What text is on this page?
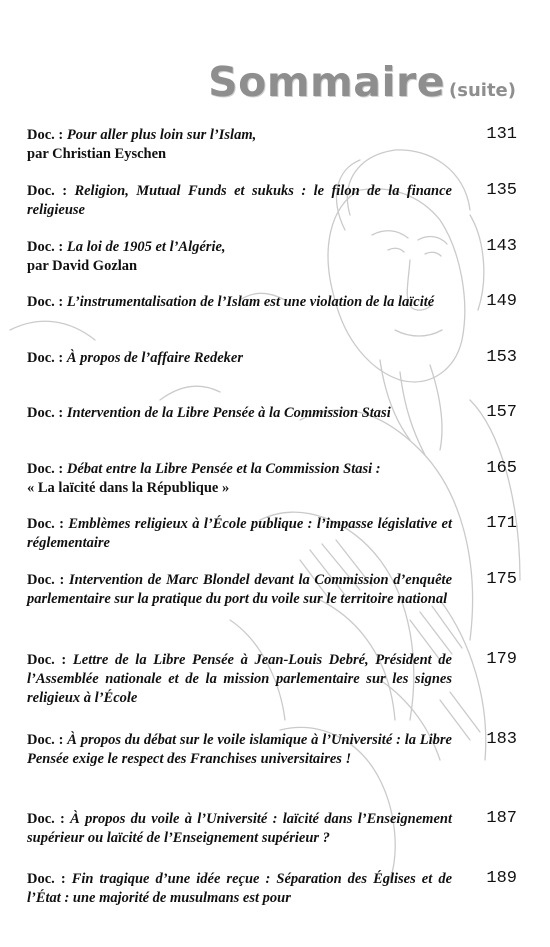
Sommaire (suite)
Doc. : Pour aller plus loin sur l’Islam,
par Christian Eyschen
131
Doc. : Religion, Mutual Funds et sukuks : le filon de la finance religieuse
135
Doc. : La loi de 1905 et l’Algérie,
par David Gozlan
143
Doc. : L’instrumentalisation de l’Islam est une violation de la laïcité	149
Doc. : À propos de l’affaire Redeker	153
Doc. : Intervention de la Libre Pensée à la Commission Stasi	157
Doc. : Débat entre la Libre Pensée et la Commission Stasi :
« La laïcité dans la République »
165
Doc. : Emblèmes religieux à l’École publique : l’impasse législative et réglementaire
171
Doc. : Intervention de Marc Blondel devant la Commission d’enquête parlementaire sur la pratique du port du voile sur le territoire national
175
Doc. : Lettre de la Libre Pensée à Jean-Louis Debré, Président de l’Assemblée nationale et de la mission parlementaire sur les signes religieux à l’École
179
Doc. : À propos du débat sur le voile islamique à l’Université : la Libre Pensée exige le respect des Franchises universitaires !
183
Doc. : À propos du voile à l’Université : laïcité dans l’Enseignement supérieur ou laïcité de l’Enseignement supérieur ?
187
Doc. : Fin tragique d’une idée reçue : Séparation des Églises et de l’État : une majorité de musulmans est pour
189
